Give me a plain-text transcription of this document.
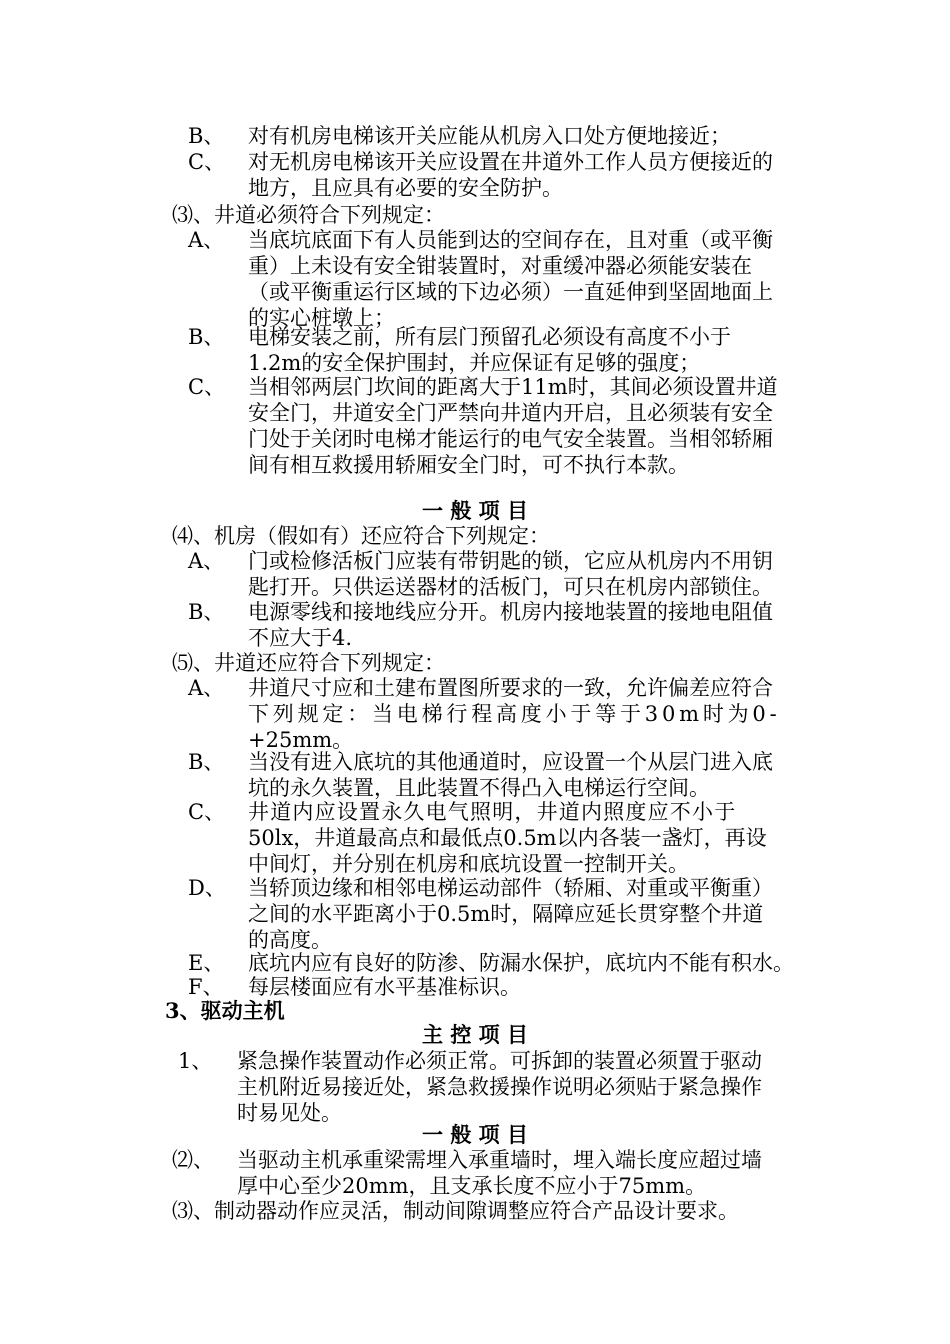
B、 对有机房电梯该开关应能从机房入口处方便地接近；
C、 对无机房电梯该开关应设置在井道外工作人员方便接近的
地方，且应具有必要的安全防护。
⑶、井道必须符合下列规定：
A、 当底坑底面下有人员能到达的空间存在，且对重（或平衡
重）上未设有安全钳装置时，对重缓冲器必须能安装在
（或平衡重运行区域的下边必须）一直延伸到坚固地面上
的实心桩墩上；
B、 电梯安装之前，所有层门预留孔必须设有高度不小于
1.2m的安全保护围封，并应保证有足够的强度；
C、 当相邻两层门坎间的距离大于11m时，其间必须设置井道
安全门，井道安全门严禁向井道内开启，且必须装有安全
门处于关闭时电梯才能运行的电气安全装置。当相邻轿厢
间有相互救援用轿厢安全门时，可不执行本款。
一 般 项 目
⑷、机房（假如有）还应符合下列规定：
A、 门或检修活板门应装有带钥匙的锁，它应从机房内不用钥
匙打开。只供运送器材的活板门，可只在机房内部锁住。
B、 电源零线和接地线应分开。机房内接地装置的接地电阻值
不应大于4.
⑸、井道还应符合下列规定：
A、 井道尺寸应和土建布置图所要求的一致，允许偏差应符合
下列规定：当电梯行程高度小于等于30m时为0-
+25mm。
B、 当没有进入底坑的其他通道时，应设置一个从层门进入底
坑的永久装置，且此装置不得凸入电梯运行空间。
C、 井道内应设置永久电气照明，井道内照度应不小于
50lx，井道最高点和最低点0.5m以内各装一盏灯，再设
中间灯，并分别在机房和底坑设置一控制开关。
D、 当轿顶边缘和相邻电梯运动部件（轿厢、对重或平衡重）
之间的水平距离小于0.5m时，隔障应延长贯穿整个井道
的高度。
E、 底坑内应有良好的防渗、防漏水保护，底坑内不能有积水。
F、 每层楼面应有水平基准标识。
3、驱动主机
主 控 项 目
1、 紧急操作装置动作必须正常。可拆卸的装置必须置于驱动
主机附近易接近处，紧急救援操作说明必须贴于紧急操作
时易见处。
一 般 项 目
⑵、 当驱动主机承重梁需埋入承重墙时，埋入端长度应超过墙
厚中心至少20mm，且支承长度不应小于75mm。
⑶、制动器动作应灵活，制动间隙调整应符合产品设计要求。
